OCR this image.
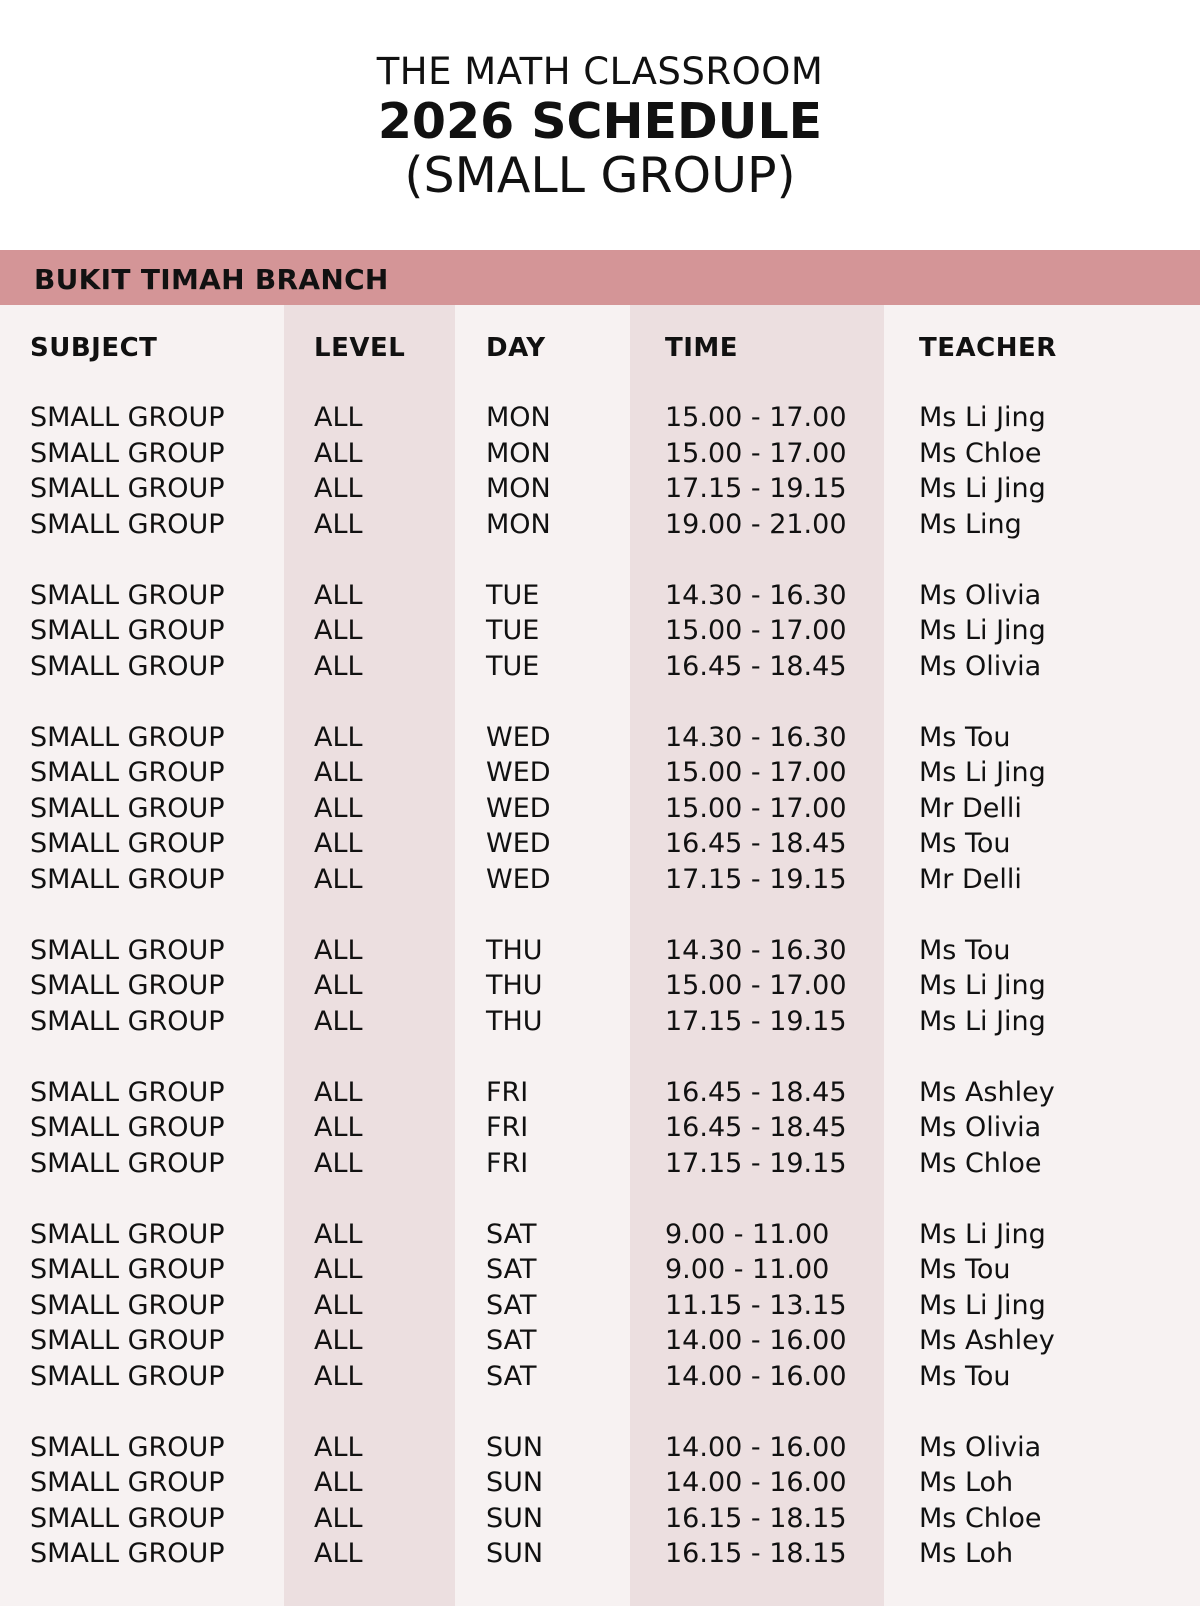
THE MATH CLASSROOM
2026 SCHEDULE
(SMALL GROUP)
BUKIT TIMAH BRANCH
SUBJECT	LEVEL	DAY	TIME	TEACHER
SMALL GROUP	ALL	MON	15.00 - 17.00	Ms Li Jing
SMALL GROUP	ALL	MON	15.00 - 17.00	Ms Chloe
SMALL GROUP	ALL	MON	17.15 - 19.15	Ms Li Jing
SMALL GROUP	ALL	MON	19.00 - 21.00	Ms Ling
SMALL GROUP	ALL	TUE	14.30 - 16.30	Ms Olivia
SMALL GROUP	ALL	TUE	15.00 - 17.00	Ms Li Jing
SMALL GROUP	ALL	TUE	16.45 - 18.45	Ms Olivia
SMALL GROUP	ALL	WED	14.30 - 16.30	Ms Tou
SMALL GROUP	ALL	WED	15.00 - 17.00	Ms Li Jing
SMALL GROUP	ALL	WED	15.00 - 17.00	Mr Delli
SMALL GROUP	ALL	WED	16.45 - 18.45	Ms Tou
SMALL GROUP	ALL	WED	17.15 - 19.15	Mr Delli
SMALL GROUP	ALL	THU	14.30 - 16.30	Ms Tou
SMALL GROUP	ALL	THU	15.00 - 17.00	Ms Li Jing
SMALL GROUP	ALL	THU	17.15 - 19.15	Ms Li Jing
SMALL GROUP	ALL	FRI	16.45 - 18.45	Ms Ashley
SMALL GROUP	ALL	FRI	16.45 - 18.45	Ms Olivia
SMALL GROUP	ALL	FRI	17.15 - 19.15	Ms Chloe
SMALL GROUP	ALL	SAT	9.00 - 11.00	Ms Li Jing
SMALL GROUP	ALL	SAT	9.00 - 11.00	Ms Tou
SMALL GROUP	ALL	SAT	11.15 - 13.15	Ms Li Jing
SMALL GROUP	ALL	SAT	14.00 - 16.00	Ms Ashley
SMALL GROUP	ALL	SAT	14.00 - 16.00	Ms Tou
SMALL GROUP	ALL	SUN	14.00 - 16.00	Ms Olivia
SMALL GROUP	ALL	SUN	14.00 - 16.00	Ms Loh
SMALL GROUP	ALL	SUN	16.15 - 18.15	Ms Chloe
SMALL GROUP	ALL	SUN	16.15 - 18.15	Ms Loh
